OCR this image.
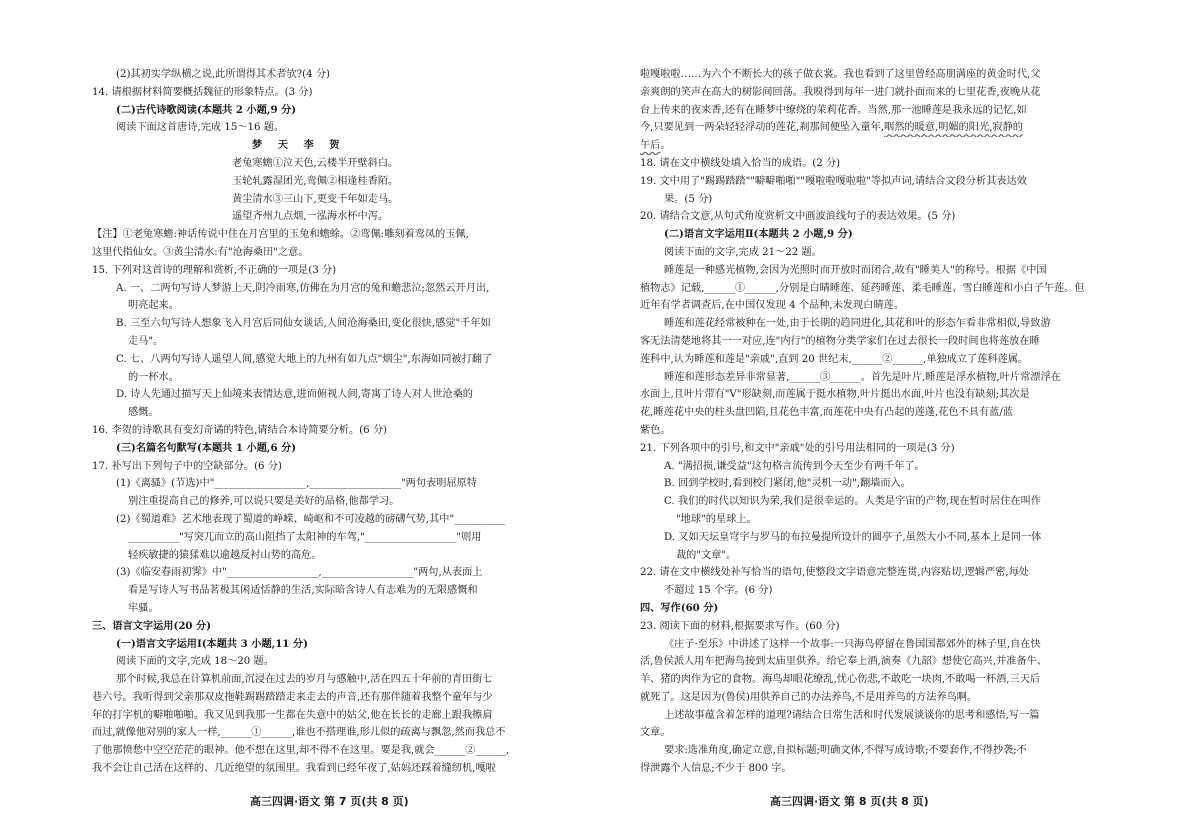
(2)其初实学纵横之说,此所谓得其术者欤?(4 分)
14. 请根据材料简要概括魏征的形象特点。(3 分)
(二)古代诗歌阅读(本题共 2 小题,9 分)
阅读下面这首唐诗,完成 15～16 题。
梦 天 李 贺
老兔寒蟾①泣天色,云楼半开壁斜白。
玉轮轧露湿团光,鸾佩②相逢桂香陌。
黄尘清水③三山下,更变千年如走马。
遥望齐州九点烟,一泓海水杯中泻。
【注】①老兔寒蟾:神话传说中住在月宫里的玉兔和蟾蜍。②鸾佩:雕刻着鸾凤的玉佩,
这里代指仙女。③黄尘清水:有"沧海桑田"之意。
15. 下列对这首诗的理解和赏析,不正确的一项是(3 分)
A. 一、二两句写诗人梦游上天,阴冷雨寒,仿佛在为月宫的兔和蟾悲泣;忽然云开月出,
明亮起来。
B. 三至六句写诗人想象飞入月宫后同仙女谈话,人间沧海桑田,变化很快,感觉"千年如
走马"。
C. 七、八两句写诗人遥望人间,感觉大地上的九州有如九点"烟尘",东海如同被打翻了
的一杯水。
D. 诗人先通过描写天上仙境来表情达意,进而俯视人间,寄寓了诗人对人世沧桑的
感慨。
16. 李贺的诗歌具有变幻奇谲的特色,请结合本诗简要分析。(6 分)
(三)名篇名句默写(本题共 1 小题,6 分)
17. 补写出下列句子中的空缺部分。(6 分)
(1)《离骚》(节选)中"__________________,__________________"两句表明屈原特
别注重提高自己的修养,可以说只要是美好的品格,他都学习。
(2)《蜀道难》艺术地表现了蜀道的峥嵘、崎岖和不可凌越的磅礴气势,其中"__________
__________"写突兀而立的高山阻挡了太阳神的车驾,"__________________"则用
轻疾敏捷的猿猱难以逾越反衬山势的高危。
(3)《临安春雨初霁》中"__________________,__________________"两句,从表面上
看是写诗人写书品茗极其闲适恬静的生活,实际暗含诗人有志难为的无限感慨和
牢骚。
三、语言文字运用(20 分)
(一)语言文字运用Ⅰ(本题共 3 小题,11 分)
阅读下面的文字,完成 18～20 题。
那个时候,我总在计算机前面,沉浸在过去的岁月与感触中,活在四五十年前的青田街七
巷六号。我听得到父亲那双皮拖鞋踢踢踏踏走来走去的声音,还有那伴随着我整个童年与少
年的打字机的噼啪啪啪。我又见到我那一生都在失意中的姑父,他在长长的走廊上跟我擦肩
而过,就像他对别的家人一样,______①______,谁也不搭理谁,形儿似的疏离与飘忽,然而我总不
了他那愤愁中空空茫茫的眼神。他不想在这里,却不得不在这里。要是我,就会______②______,
我不会让自己活在这样的、几近绝望的氛围里。我看到已经年夜了,姑妈还踩着缝纫机,嘎啦
啦嘎啦啦……为六个不断长大的孩子做衣裳。我也看到了这里曾经高朋满座的黄金时代,父
亲爽朗的笑声在高大的树影间回荡。我嗅得到每年一进门就扑面而来的七里花香,夜晚从花
台上传来的夜来香,还有在睡梦中缭绕的茉莉花香。当然,那一池睡莲是我永远的记忆,如
今,只要见到一两朵轻轻浮动的莲花,刹那间便坠入童年,咽然的暖意,明媚的阳光,寂静的
午后。
18. 请在文中横线处填入恰当的成语。(2 分)
19. 文中用了"踢踢踏踏""噼噼啪啪""嘎啦啦嘎啦啦"等拟声词,请结合文段分析其表达效
果。(5 分)
20. 请结合文意,从句式角度赏析文中画波浪线句子的表达效果。(5 分)
(二)语言文字运用Ⅱ(本题共 2 小题,9 分)
阅读下面的文字,完成 21～22 题。
睡莲是一种感光植物,会因为光照时而开放时而闭合,故有"睡美人"的称号。根据《中国
植物志》记载,______①______,分别是白睛睡莲、延药睡莲、柔毛睡莲、雪白睡莲和小白子午莲。但
近年有学者调查后,在中国仅发现 4 个品种,未发现白睛莲。
睡莲和莲花经常被种在一处,由于长期的趋同进化,其花和叶的形态乍看非常相似,导致游
客无法清楚地将其一一对应,连"内行"的植物分类学家们在过去很长一段时间也将莲放在睡
莲科中,认为睡莲和莲是"亲戚",直到 20 世纪末,______②______,单独成立了莲科莲属。
睡莲和莲形态差异非常显著,______③______。首先是叶片,睡莲是浮水植物,叶片常漂浮在
水面上,且叶片带有"V"形缺刻,而莲属于挺水植物,叶片挺出水面,叶片也没有缺刻;其次是
花,睡莲花中央的柱头盘凹陷,且花色丰富,而莲花中央有凸起的莲蓬,花色不具有蓝/蓝
紫色。
21. 下列各项中的引号,和文中"亲戚"处的引号用法相同的一项是(3 分)
A. "满招损,谦受益"这句格言流传到今天至少有两千年了。
B. 回到学校时,看到校门紧闭,他"灵机一动",翻墙而入。
C. 我们的时代以知识为荣,我们是很幸运的。人类是宇宙的产物,现在暂时居住在叫作
"地球"的星球上。
D. 又如天坛皇穹宇与罗马的布拉曼提所设计的圆亭子,虽然大小不同,基本上是同一体
裁的"文章"。
22. 请在文中横线处补写恰当的语句,使整段文字语意完整连贯,内容贴切,逻辑严密,每处
不超过 15 个字。(6 分)
四、写作(60 分)
23. 阅读下面的材料,根据要求写作。(60 分)
《庄子·至乐》中讲述了这样一个故事:一只海鸟停留在鲁国国都郊外的林子里,自在快
活,鲁侯派人用车把海鸟接到太庙里供养。给它奉上酒,演奏《九韶》想使它高兴,并准备牛、
羊、猪的肉作为它的食物。海鸟却眼花缭乱,忧心伤悲,不敢吃一块肉,不敢喝一杯酒,三天后
就死了。这是因为(鲁侯)用供养自己的办法养鸟,不是用养鸟的方法养鸟啊。
上述故事蕴含着怎样的道理?请结合日常生活和时代发展谈谈你的思考和感悟,写一篇
文章。
要求:选准角度,确定立意,自拟标题;明确文体,不得写成诗歌;不要套作,不得抄袭;不
得泄露个人信息;不少于 800 字。
高三四调·语文 第 7 页(共 8 页)	高三四调·语文 第 8 页(共 8 页)
